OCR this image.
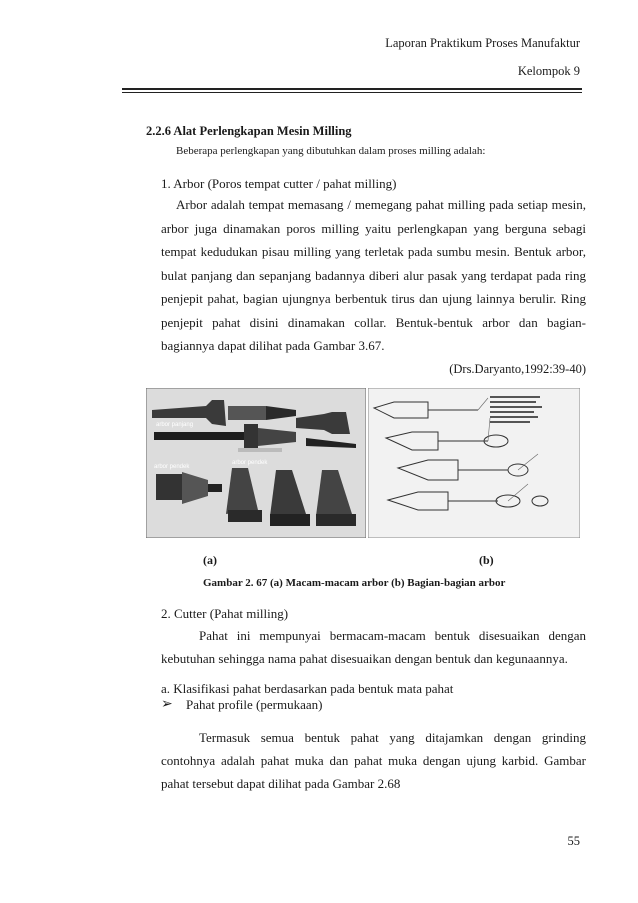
Laporan Praktikum Proses Manufaktur
Kelompok 9
2.2.6 Alat Perlengkapan Mesin Milling
Beberapa perlengkapan yang dibutuhkan dalam proses milling adalah:
1. Arbor (Poros tempat cutter / pahat milling)
Arbor adalah tempat memasang / memegang pahat milling pada setiap mesin, arbor juga dinamakan poros milling yaitu perlengkapan yang berguna sebagi tempat kedudukan pisau milling yang terletak pada sumbu mesin. Bentuk arbor, bulat panjang dan sepanjang badannya diberi alur pasak yang terdapat pada ring penjepit pahat, bagian ujungnya berbentuk tirus dan ujung lainnya berulir. Ring penjepit pahat disini dinamakan collar. Bentuk-bentuk arbor dan bagian-bagiannya dapat dilihat pada Gambar 3.67.
(Drs.Daryanto,1992:39-40)
arbor panjang
arbor pendek
arbor pendek
(a)	(b)
Gambar 2. 67 (a) Macam-macam arbor (b) Bagian-bagian arbor
2. Cutter (Pahat milling)
Pahat ini mempunyai bermacam-macam bentuk disesuaikan dengan kebutuhan sehingga nama pahat disesuaikan dengan bentuk dan kegunaannya.
a. Klasifikasi pahat berdasarkan pada bentuk mata pahat
➢ Pahat profile (permukaan)
Termasuk semua bentuk pahat yang ditajamkan dengan grinding contohnya adalah pahat muka dan pahat muka dengan ujung karbid. Gambar pahat tersebut dapat dilihat pada Gambar 2.68
55
